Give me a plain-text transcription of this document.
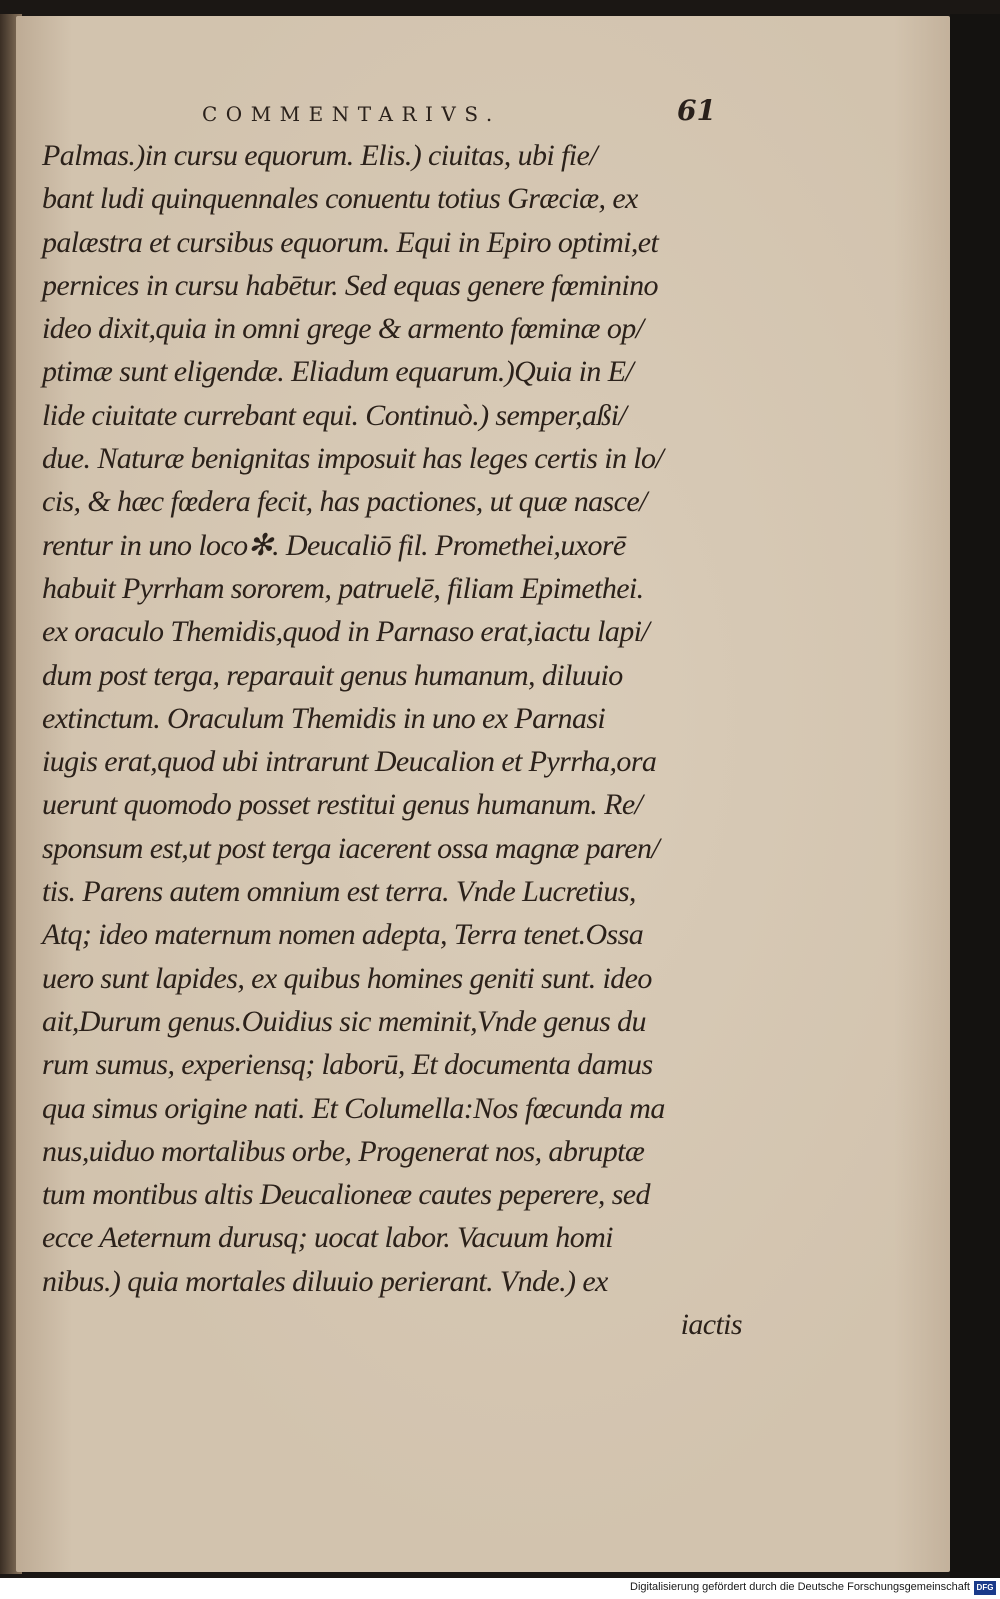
COMMENTARIVS.	61
Palmas.)in cursu equorum. Elis.) ciuitas, ubi fie/
bant ludi quinquennales conuentu totius Græciæ, ex
palæstra et cursibus equorum. Equi in Epiro optimi,et
pernices in cursu habētur. Sed equas genere fœminino
ideo dixit,quia in omni grege & armento fœminæ op/
ptimæ sunt eligendæ. Eliadum equarum.)Quia in E/
lide ciuitate currebant equi. Continuò.) semper,aßi/
due. Naturæ benignitas imposuit has leges certis in lo/
cis, & hæc fœdera fecit, has pactiones, ut quæ nasce/
rentur in uno loco✻. Deucaliō fil. Promethei,uxorē
habuit Pyrrham sororem, patruelē, filiam Epimethei.
ex oraculo Themidis,quod in Parnaso erat,iactu lapi/
dum post terga, reparauit genus humanum, diluuio
extinctum. Oraculum Themidis in uno ex Parnasi
iugis erat,quod ubi intrarunt Deucalion et Pyrrha,ora
uerunt quomodo posset restitui genus humanum. Re/
sponsum est,ut post terga iacerent ossa magnæ paren/
tis. Parens autem omnium est terra. Vnde Lucretius,
Atq; ideo maternum nomen adepta, Terra tenet.Ossa
uero sunt lapides, ex quibus homines geniti sunt. ideo
ait,Durum genus.Ouidius sic meminit,Vnde genus du
rum sumus, experiensq; laborū, Et documenta damus
qua simus origine nati. Et Columella:Nos fœcunda ma
nus,uiduo mortalibus orbe, Progenerat nos, abruptæ
tum montibus altis Deucalioneæ cautes peperere, sed
ecce Aeternum durusq; uocat labor. Vacuum homi
nibus.) quia mortales diluuio perierant. Vnde.) ex
iactis
Digitalisierung gefördert durch die Deutsche Forschungsgemeinschaft DFG
